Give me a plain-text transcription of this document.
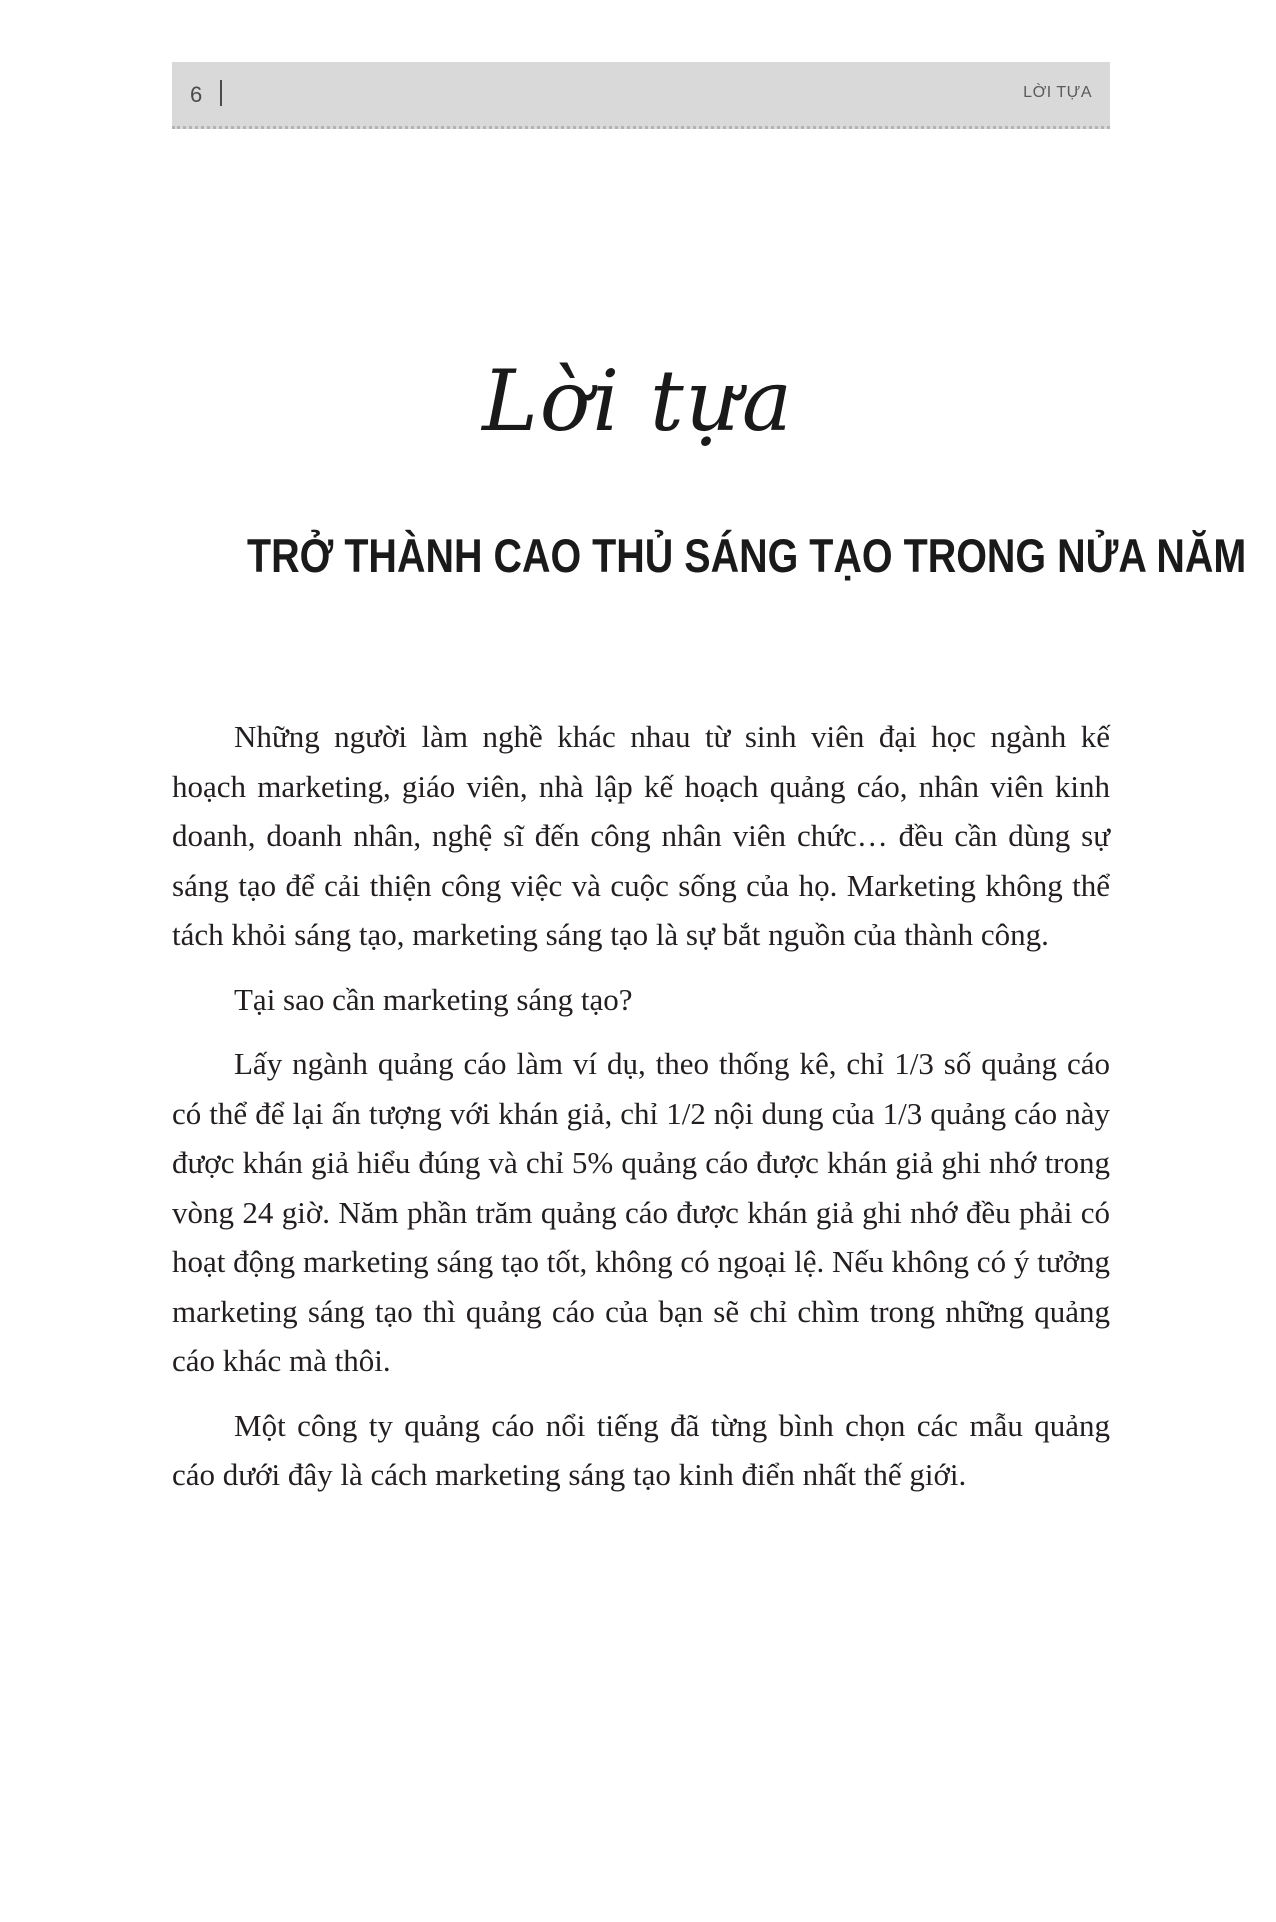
6	LỜI TỰA
Lời tựa
TRỞ THÀNH CAO THỦ SÁNG TẠO TRONG NỬA NĂM

Những người làm nghề khác nhau từ sinh viên đại học ngành kế hoạch marketing, giáo viên, nhà lập kế hoạch quảng cáo, nhân viên kinh doanh, doanh nhân, nghệ sĩ đến công nhân viên chức… đều cần dùng sự sáng tạo để cải thiện công việc và cuộc sống của họ. Marketing không thể tách khỏi sáng tạo, marketing sáng tạo là sự bắt nguồn của thành công.

Tại sao cần marketing sáng tạo?

Lấy ngành quảng cáo làm ví dụ, theo thống kê, chỉ 1/3 số quảng cáo có thể để lại ấn tượng với khán giả, chỉ 1/2 nội dung của 1/3 quảng cáo này được khán giả hiểu đúng và chỉ 5% quảng cáo được khán giả ghi nhớ trong vòng 24 giờ. Năm phần trăm quảng cáo được khán giả ghi nhớ đều phải có hoạt động marketing sáng tạo tốt, không có ngoại lệ. Nếu không có ý tưởng marketing sáng tạo thì quảng cáo của bạn sẽ chỉ chìm trong những quảng cáo khác mà thôi.

Một công ty quảng cáo nổi tiếng đã từng bình chọn các mẫu quảng cáo dưới đây là cách marketing sáng tạo kinh điển nhất thế giới.
